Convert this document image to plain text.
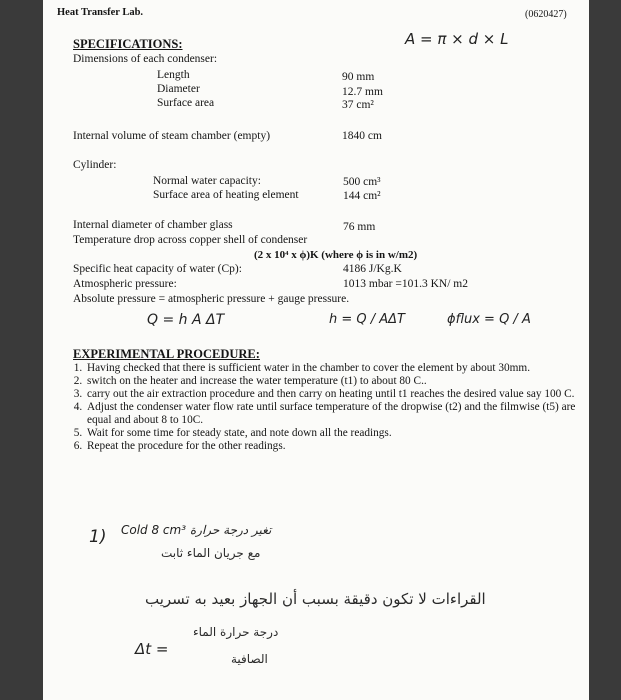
Heat Transfer Lab.	(0620427)
A = π × d × L
SPECIFICATIONS:
Dimensions of each condenser:
Length	90 mm
Diameter	12.7 mm
Surface area	37 cm²
Internal volume of steam chamber (empty)	1840 cm
Cylinder:
Normal water capacity:	500 cm³
Surface area of heating element	144 cm²
Internal diameter of chamber glass	76 mm
Temperature drop across copper shell of condenser
(2 x 10⁴ x ϕ)K (where ϕ is in w/m2)
Specific heat capacity of water (Cp):	4186 J/Kg.K
Atmospheric pressure:	1013 mbar =101.3 KN/ m2
Absolute pressure = atmospheric pressure + gauge pressure.
Q = h A ΔT	h = Q / AΔT	ϕflux = Q / A
EXPERIMENTAL PROCEDURE:
1. Having checked that there is sufficient water in the chamber to cover the element by about 30mm.
2. switch on the heater and increase the water temperature (t1) to about 80 C..
3. carry out the air extraction procedure and then carry on heating until t1 reaches the desired value say 100 C.
4. Adjust the condenser water flow rate until surface temperature of the dropwise (t2) and the filmwise (t5) are equal and about 8 to 10C.
5. Wait for some time for steady state, and note down all the readings.
6. Repeat the procedure for the other readings.
1) Cold 8 cm³ تغير درجة حرارة
مع جريان الماء ثابت
القراءات لا تكون دقيقة بسبب أن الجهاز بعيد به تسريب
Δt =
درجة حرارة الماء
الصافية
